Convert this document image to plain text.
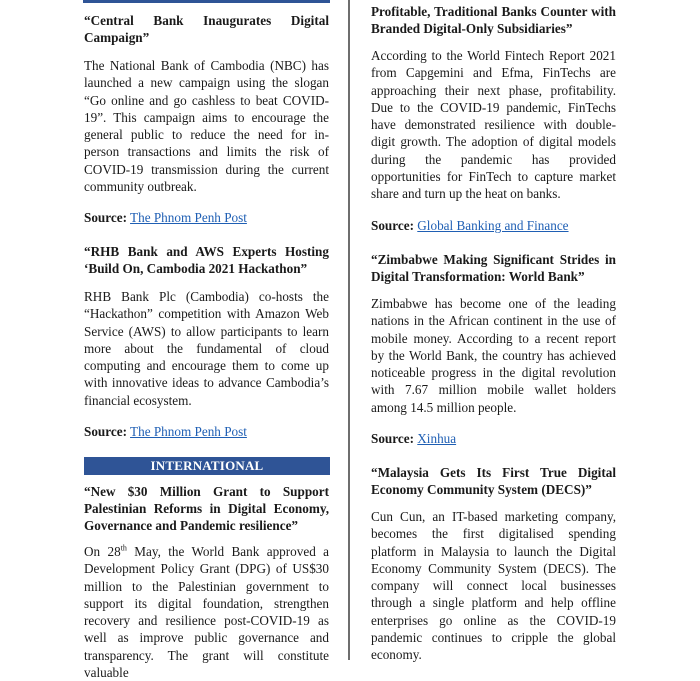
“Central Bank Inaugurates Digital Campaign”

The National Bank of Cambodia (NBC) has launched a new campaign using the slogan “Go online and go cashless to beat COVID-19”. This campaign aims to encourage the general public to reduce the need for in-person transactions and limits the risk of COVID-19 transmission during the current community outbreak.

Source: The Phnom Penh Post

“RHB Bank and AWS Experts Hosting ‘Build On, Cambodia 2021 Hackathon”

RHB Bank Plc (Cambodia) co-hosts the “Hackathon” competition with Amazon Web Service (AWS) to allow participants to learn more about the fundamental of cloud computing and encourage them to come up with innovative ideas to advance Cambodia’s financial ecosystem.

Source: The Phnom Penh Post

INTERNATIONAL

“New $30 Million Grant to Support Palestinian Reforms in Digital Economy, Governance and Pandemic resilience”

On 28th May, the World Bank approved a Development Policy Grant (DPG) of US$30 million to the Palestinian government to support its digital foundation, strengthen recovery and resilience post-COVID-19 as well as improve public governance and transparency. The grant will constitute valuable

Profitable, Traditional Banks Counter with Branded Digital-Only Subsidiaries”

According to the World Fintech Report 2021 from Capgemini and Efma, FinTechs are approaching their next phase, profitability. Due to the COVID-19 pandemic, FinTechs have demonstrated resilience with double-digit growth. The adoption of digital models during the pandemic has provided opportunities for FinTech to capture market share and turn up the heat on banks.

Source: Global Banking and Finance

“Zimbabwe Making Significant Strides in Digital Transformation: World Bank”

Zimbabwe has become one of the leading nations in the African continent in the use of mobile money. According to a recent report by the World Bank, the country has achieved noticeable progress in the digital revolution with 7.67 million mobile wallet holders among 14.5 million people.

Source: Xinhua

“Malaysia Gets Its First True Digital Economy Community System (DECS)”

Cun Cun, an IT-based marketing company, becomes the first digitalised spending platform in Malaysia to launch the Digital Economy Community System (DECS). The company will connect local businesses through a single platform and help offline enterprises go online as the COVID-19 pandemic continues to cripple the global economy.
